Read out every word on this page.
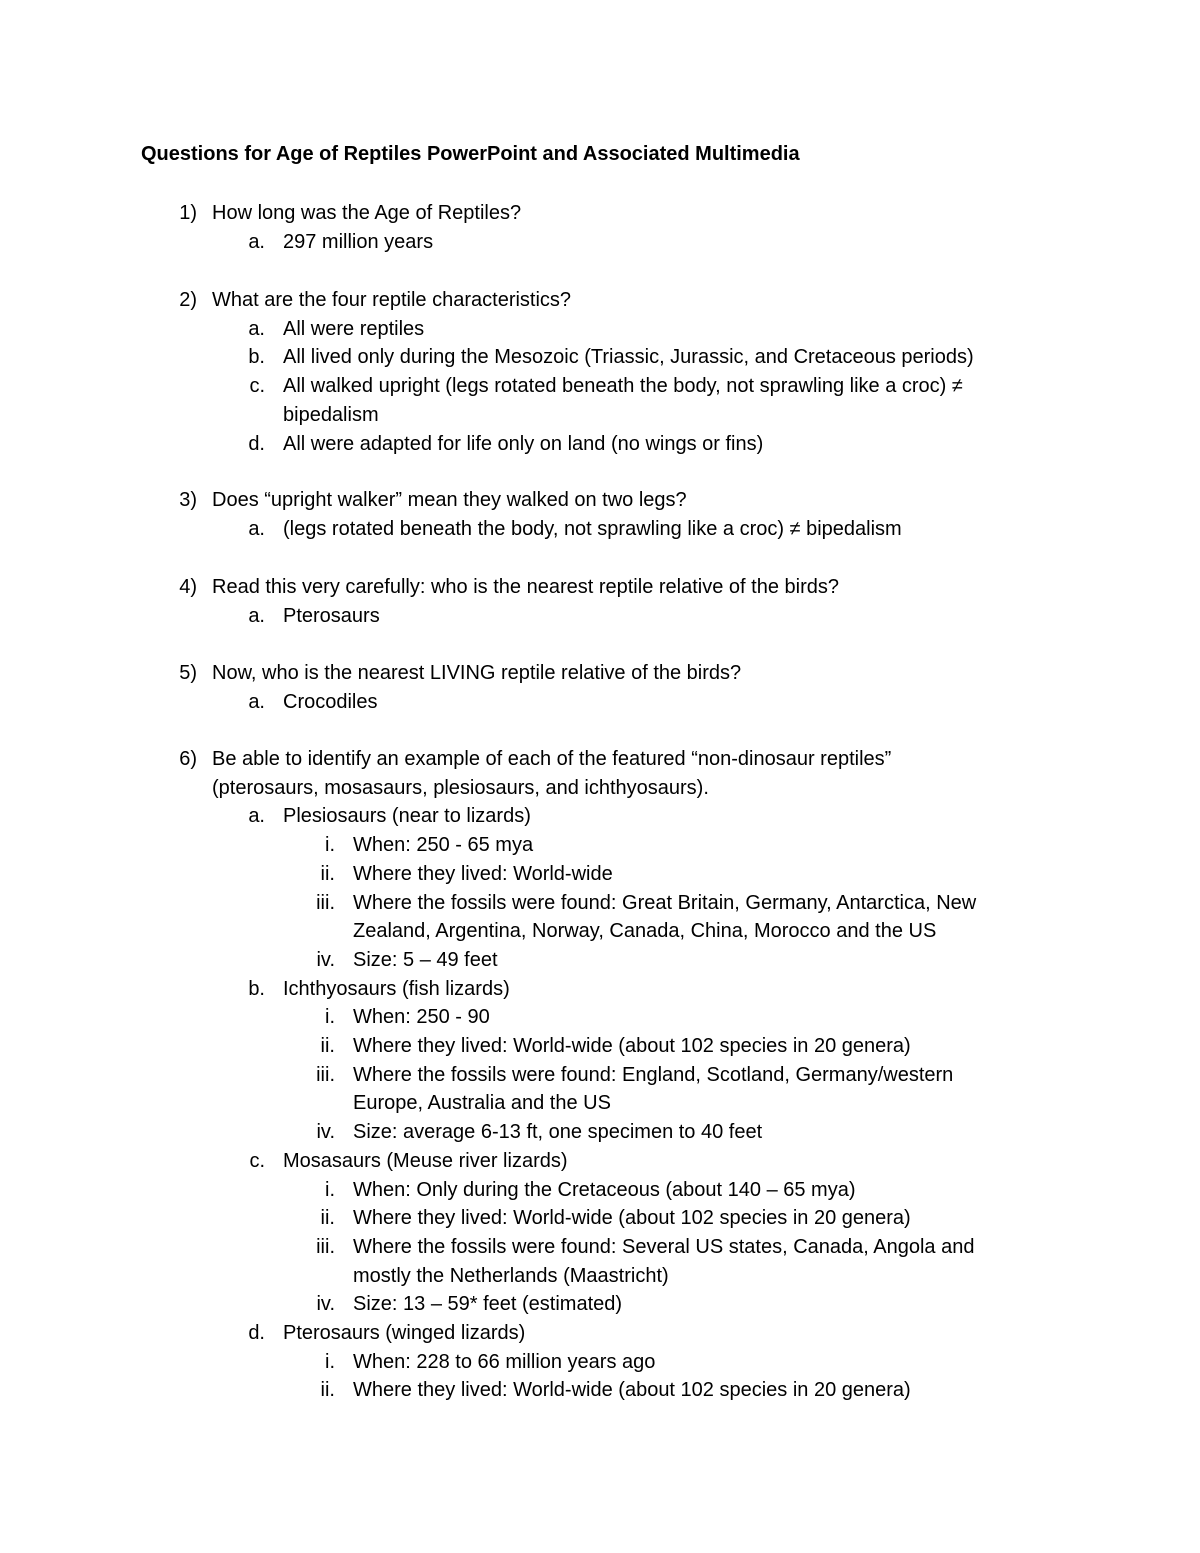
Questions for Age of Reptiles PowerPoint and Associated Multimedia
1) How long was the Age of Reptiles?
a. 297 million years
2) What are the four reptile characteristics?
a. All were reptiles
b. All lived only during the Mesozoic (Triassic, Jurassic, and Cretaceous periods)
c. All walked upright (legs rotated beneath the body, not sprawling like a croc) ≠
bipedalism
d. All were adapted for life only on land (no wings or fins)
3) Does “upright walker” mean they walked on two legs?
a. (legs rotated beneath the body, not sprawling like a croc) ≠ bipedalism
4) Read this very carefully: who is the nearest reptile relative of the birds?
a. Pterosaurs
5) Now, who is the nearest LIVING reptile relative of the birds?
a. Crocodiles
6) Be able to identify an example of each of the featured “non-dinosaur reptiles”
(pterosaurs, mosasaurs, plesiosaurs, and ichthyosaurs).
a. Plesiosaurs (near to lizards)
i. When: 250 - 65 mya
ii. Where they lived: World-wide
iii. Where the fossils were found: Great Britain, Germany, Antarctica, New
Zealand, Argentina, Norway, Canada, China, Morocco and the US
iv. Size: 5 – 49 feet
b. Ichthyosaurs (fish lizards)
i. When: 250 - 90
ii. Where they lived: World-wide (about 102 species in 20 genera)
iii. Where the fossils were found: England, Scotland, Germany/western
Europe, Australia and the US
iv. Size: average 6-13 ft, one specimen to 40 feet
c. Mosasaurs (Meuse river lizards)
i. When: Only during the Cretaceous (about 140 – 65 mya)
ii. Where they lived: World-wide (about 102 species in 20 genera)
iii. Where the fossils were found: Several US states, Canada, Angola and
mostly the Netherlands (Maastricht)
iv. Size: 13 – 59* feet (estimated)
d. Pterosaurs (winged lizards)
i. When: 228 to 66 million years ago
ii. Where they lived: World-wide (about 102 species in 20 genera)
